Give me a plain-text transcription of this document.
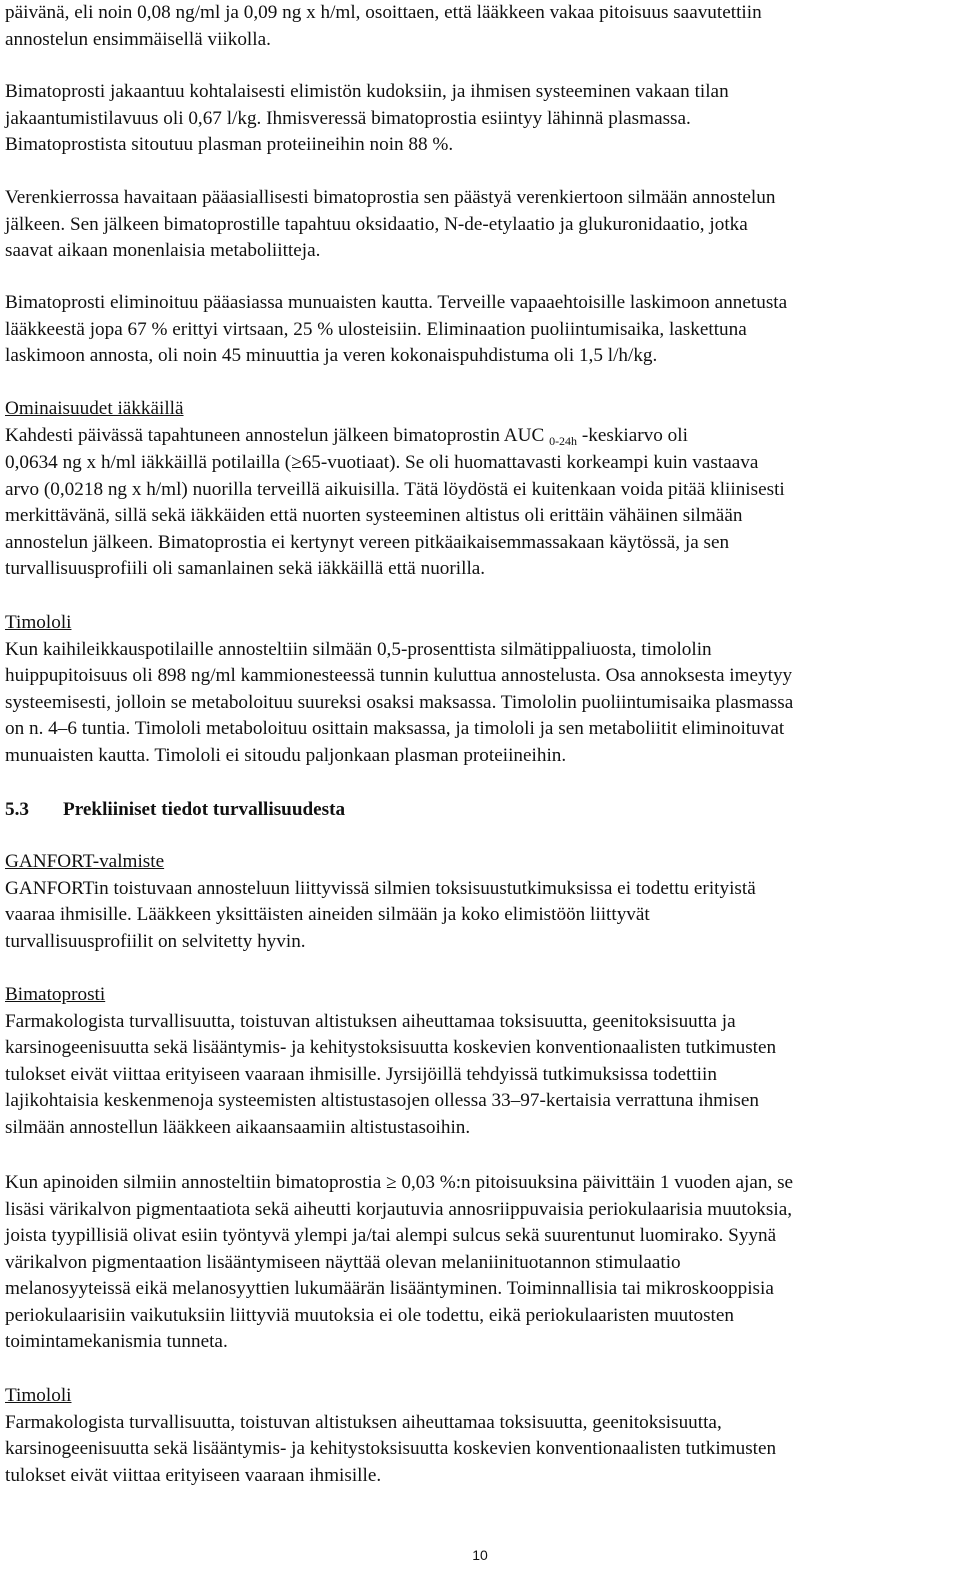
päivänä, eli noin 0,08 ng/ml ja 0,09 ng x h/ml, osoittaen, että lääkkeen vakaa pitoisuus saavutettiin
annostelun ensimmäisellä viikolla.
Bimatoprosti jakaantuu kohtalaisesti elimistön kudoksiin, ja ihmisen systeeminen vakaan tilan
jakaantumistilavuus oli 0,67 l/kg. Ihmisveressä bimatoprostia esiintyy lähinnä plasmassa.
Bimatoprostista sitoutuu plasman proteiineihin noin 88 %.
Verenkierrossa havaitaan pääasiallisesti bimatoprostia sen päästyä verenkiertoon silmään annostelun
jälkeen. Sen jälkeen bimatoprostille tapahtuu oksidaatio, N-de-etylaatio ja glukuronidaatio, jotka
saavat aikaan monenlaisia metaboliitteja.
Bimatoprosti eliminoituu pääasiassa munuaisten kautta. Terveille vapaaehtoisille laskimoon annetusta
lääkkeestä jopa 67 % erittyi virtsaan, 25 % ulosteisiin. Eliminaation puoliintumisaika, laskettuna
laskimoon annosta, oli noin 45 minuuttia ja veren kokonaispuhdistuma oli 1,5 l/h/kg.
Ominaisuudet iäkkäillä
Kahdesti päivässä tapahtuneen annostelun jälkeen bimatoprostin AUC $_{0-24h}$ -keskiarvo oli
0,0634 ng x h/ml iäkkäillä potilailla (≥65-vuotiaat). Se oli huomattavasti korkeampi kuin vastaava
arvo (0,0218 ng x h/ml) nuorilla terveillä aikuisilla. Tätä löydöstä ei kuitenkaan voida pitää kliinisesti
merkittävänä, sillä sekä iäkkäiden että nuorten systeeminen altistus oli erittäin vähäinen silmään
annostelun jälkeen. Bimatoprostia ei kertynyt vereen pitkäaikaisemmassakaan käytössä, ja sen
turvallisuusprofiili oli samanlainen sekä iäkkäillä että nuorilla.
Timololi
Kun kaihileikkauspotilaille annosteltiin silmään 0,5-prosenttista silmätippaliuosta, timololin
huippupitoisuus oli 898 ng/ml kammionesteessä tunnin kuluttua annostelusta. Osa annoksesta imeytyy
systeemisesti, jolloin se metaboloituu suureksi osaksi maksassa. Timololin puoliintumisaika plasmassa
on n. 4–6 tuntia. Timololi metaboloituu osittain maksassa, ja timololi ja sen metaboliitit eliminoituvat
munuaisten kautta. Timololi ei sitoudu paljonkaan plasman proteiineihin.
5.3 Prekliiniset tiedot turvallisuudesta
GANFORT-valmiste
GANFORTin toistuvaan annosteluun liittyvissä silmien toksisuustutkimuksissa ei todettu erityistä
vaaraa ihmisille. Lääkkeen yksittäisten aineiden silmään ja koko elimistöön liittyvät
turvallisuusprofiilit on selvitetty hyvin.
Bimatoprosti
Farmakologista turvallisuutta, toistuvan altistuksen aiheuttamaa toksisuutta, geenitoksisuutta ja
karsinogeenisuutta sekä lisääntymis- ja kehitystoksisuutta koskevien konventionaalisten tutkimusten
tulokset eivät viittaa erityiseen vaaraan ihmisille. Jyrsijöillä tehdyissä tutkimuksissa todettiin
lajikohtaisia keskenmenoja systeemisten altistustasojen ollessa 33–97-kertaisia verrattuna ihmisen
silmään annostellun lääkkeen aikaansaamiin altistustasoihin.
Kun apinoiden silmiin annosteltiin bimatoprostia ≥ 0,03 %:n pitoisuuksina päivittäin 1 vuoden ajan, se
lisäsi värikalvon pigmentaatiota sekä aiheutti korjautuvia annosriippuvaisia periokulaarisia muutoksia,
joista tyypillisiä olivat esiin työntyvä ylempi ja/tai alempi sulcus sekä suurentunut luomirako. Syynä
värikalvon pigmentaation lisääntymiseen näyttää olevan melaniinituotannon stimulaatio
melanosyyteissä eikä melanosyyttien lukumäärän lisääntyminen. Toiminnallisia tai mikroskooppisia
periokulaarisiin vaikutuksiin liittyviä muutoksia ei ole todettu, eikä periokulaaristen muutosten
toimintamekanismia tunneta.
Timololi
Farmakologista turvallisuutta, toistuvan altistuksen aiheuttamaa toksisuutta, geenitoksisuutta,
karsinogeenisuutta sekä lisääntymis- ja kehitystoksisuutta koskevien konventionaalisten tutkimusten
tulokset eivät viittaa erityiseen vaaraan ihmisille.
10
